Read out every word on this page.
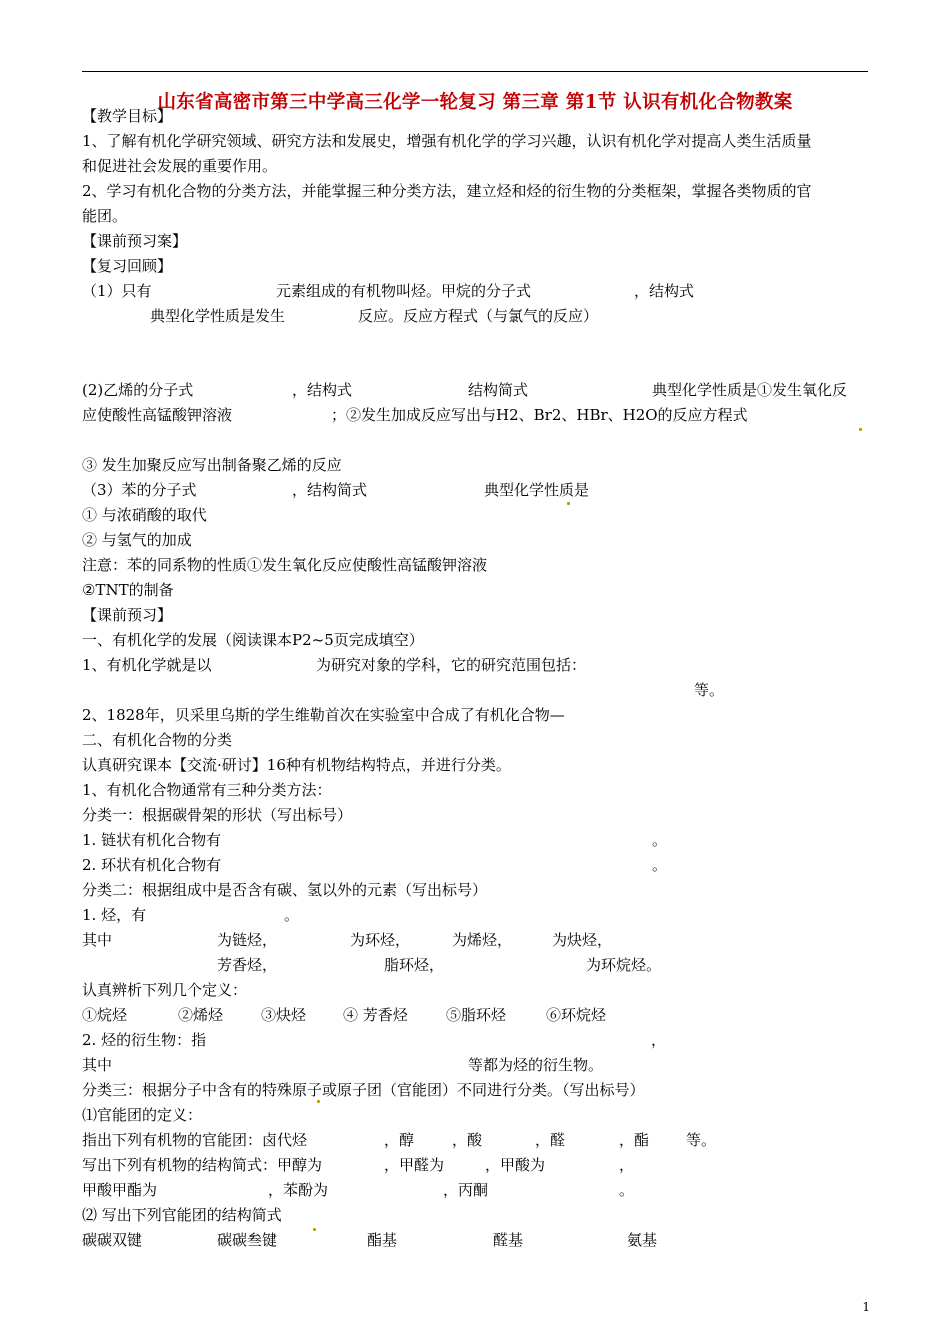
山东省高密市第三中学高三化学一轮复习 第三章 第1节 认识有机化合物教案
【教学目标】
1、了解有机化学研究领域、研究方法和发展史，增强有机化学的学习兴趣，认识有机化学对提高人类生活质量
和促进社会发展的重要作用。
2、学习有机化合物的分类方法，并能掌握三种分类方法，建立烃和烃的衍生物的分类框架，掌握各类物质的官
能团。
【课前预习案】
【复习回顾】
（1）只有	元素组成的有机物叫烃。甲烷的分子式	，结构式
典型化学性质是发生	反应。反应方程式（与氯气的反应）
(2)乙烯的分子式	，结构式	结构简式	典型化学性质是①发生氧化反
应使酸性高锰酸钾溶液	；②发生加成反应写出与H2、Br2、HBr、H2O的反应方程式
③ 发生加聚反应写出制备聚乙烯的反应
（3）苯的分子式	，结构简式	典型化学性质是
① 与浓硝酸的取代
② 与氢气的加成
注意：苯的同系物的性质①发生氧化反应使酸性高锰酸钾溶液
②TNT的制备
【课前预习】
一、有机化学的发展（阅读课本P2~5页完成填空）
1、有机化学就是以	为研究对象的学科，它的研究范围包括：
等。
2、1828年，贝采里乌斯的学生维勒首次在实验室中合成了有机化合物—
二、有机化合物的分类
认真研究课本【交流·研讨】16种有机物结构特点，并进行分类。
1、有机化合物通常有三种分类方法：
分类一：根据碳骨架的形状（写出标号）
1. 链状有机化合物有	。
2. 环状有机化合物有	。
分类二：根据组成中是否含有碳、氢以外的元素（写出标号）
1. 烃，有	。
其中	为链烃，	为环烃，	为烯烃，	为炔烃，
芳香烃，	脂环烃，	为环烷烃。
认真辨析下列几个定义：
①烷烃	②烯烃	③炔烃 ④ 芳香烃	⑤脂环烃	⑥环烷烃
2. 烃的衍生物：指	，
其中	等都为烃的衍生物。
分类三：根据分子中含有的特殊原子或原子团（官能团）不同进行分类。（写出标号）
⑴官能团的定义：
指出下列有机物的官能团：卤代烃	，醇	，酸	，醛	，酯 等。
写出下列有机物的结构简式：甲醇为	，甲醛为	，甲酸为	，
甲酸甲酯为	，苯酚为	，丙酮	。
⑵ 写出下列官能团的结构简式
碳碳双键	碳碳叁键	酯基	醛基	氨基
1
